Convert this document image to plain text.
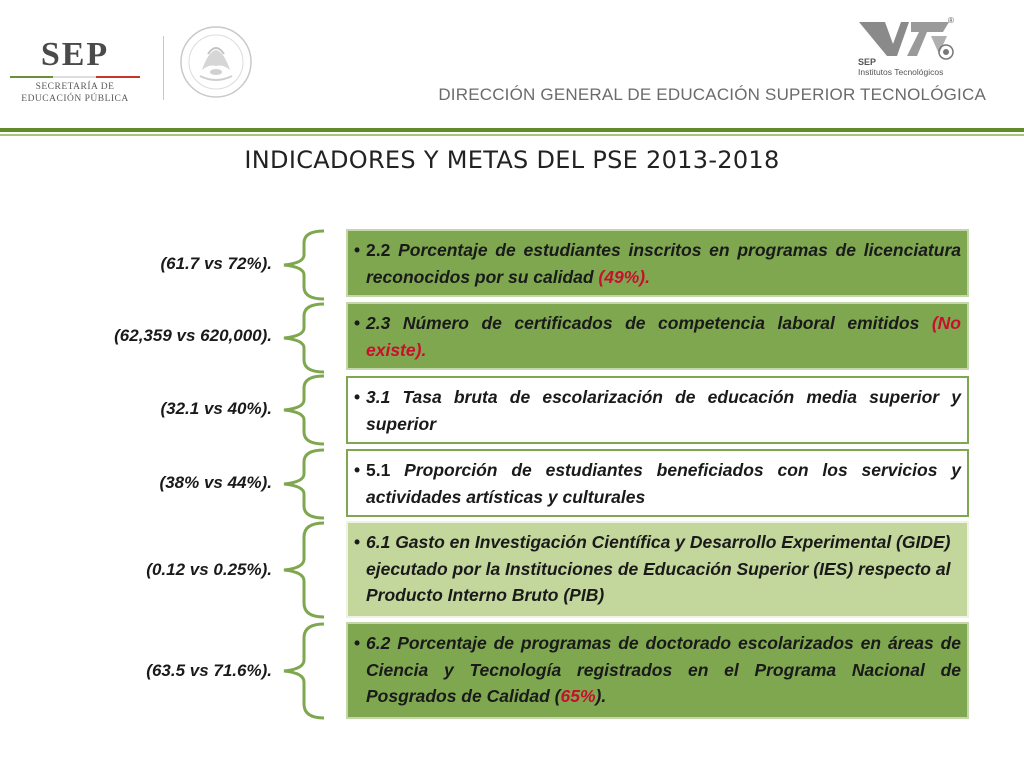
SEP
SECRETARÍA DE
EDUCACIÓN PÚBLICA
®
SEP
Institutos Tecnológicos
DIRECCIÓN GENERAL DE EDUCACIÓN SUPERIOR TECNOLÓGICA
INDICADORES Y METAS DEL PSE 2013-2018
(61.7 vs 72%).
• 2.2 Porcentaje de estudiantes inscritos en programas de licenciatura reconocidos por su calidad (49%).
(62,359 vs 620,000).
• 2.3 Número de certificados de competencia laboral emitidos (No existe).
(32.1 vs 40%).
• 3.1 Tasa bruta de escolarización de educación media superior y superior
(38% vs 44%).
• 5.1 Proporción de estudiantes beneficiados con los servicios y actividades artísticas y culturales
(0.12 vs 0.25%).
• 6.1 Gasto en Investigación Científica y Desarrollo Experimental (GIDE) ejecutado por la Instituciones de Educación Superior (IES) respecto al Producto Interno Bruto (PIB)
(63.5 vs 71.6%).
• 6.2 Porcentaje de programas de doctorado escolarizados en áreas de Ciencia y Tecnología registrados en el Programa Nacional de Posgrados de Calidad (65%).
